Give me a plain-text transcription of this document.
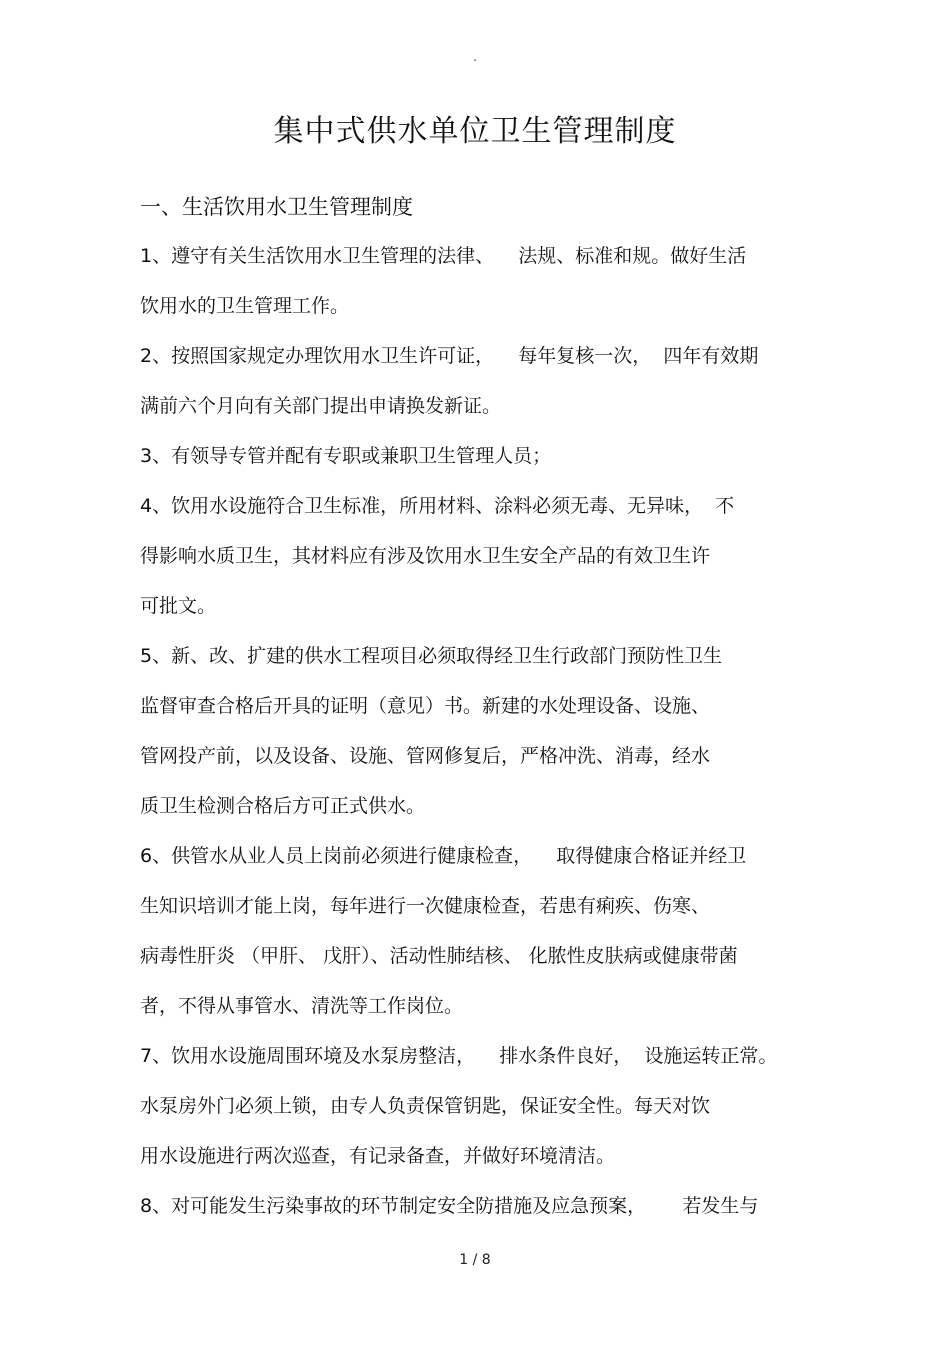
.
集中式供水单位卫生管理制度
一、生活饮用水卫生管理制度
1、遵守有关生活饮用水卫生管理的法律、    法规、标准和规。做好生活
饮用水的卫生管理工作。
2、按照国家规定办理饮用水卫生许可证，    每年复核一次，  四年有效期
满前六个月向有关部门提出申请换发新证。
3、有领导专管并配有专职或兼职卫生管理人员；
4、饮用水设施符合卫生标准，所用材料、涂料必须无毒、无异味，  不
得影响水质卫生，其材料应有涉及饮用水卫生安全产品的有效卫生许
可批文。
5、新、改、扩建的供水工程项目必须取得经卫生行政部门预防性卫生
监督审查合格后开具的证明（意见）书。新建的水处理设备、设施、
管网投产前，以及设备、设施、管网修复后，严格冲洗、消毒，经水
质卫生检测合格后方可正式供水。
6、供管水从业人员上岗前必须进行健康检查，    取得健康合格证并经卫
生知识培训才能上岗，每年进行一次健康检查，若患有痢疾、伤寒、
病毒性肝炎 （甲肝、 戊肝）、活动性肺结核、 化脓性皮肤病或健康带菌
者，不得从事管水、清洗等工作岗位。
7、饮用水设施周围环境及水泵房整洁，    排水条件良好，  设施运转正常。
水泵房外门必须上锁，由专人负责保管钥匙，保证安全性。每天对饮
用水设施进行两次巡查，有记录备查，并做好环境清洁。
8、对可能发生污染事故的环节制定安全防措施及应急预案，      若发生与
1 / 8
